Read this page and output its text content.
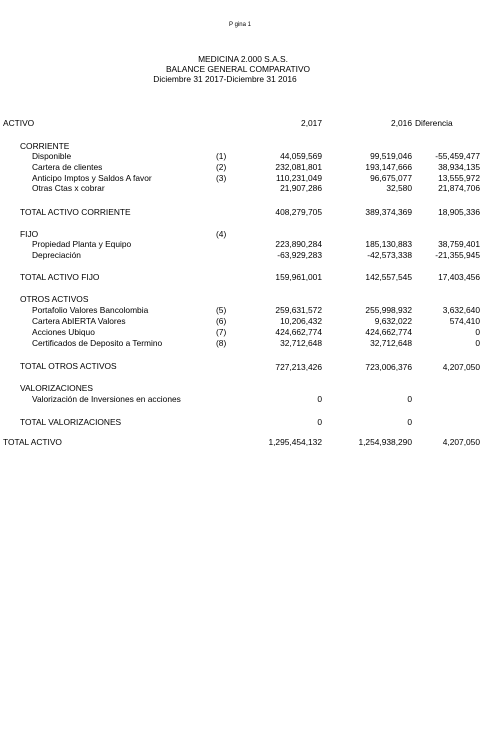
P gina 1
MEDICINA 2.000 S.A.S.
BALANCE GENERAL COMPARATIVO
Diciembre 31 2017-Diciembre 31 2016
ACTIVO	2,017	2,016 Diferencia
CORRIENTE
Disponible	(1)	44,059,569	99,519,046	-55,459,477
Cartera de clientes	(2)	232,081,801	193,147,666	38,934,135
Anticipo Imptos y Saldos A favor	(3)	110,231,049	96,675,077	13,555,972
Otras Ctas x cobrar	21,907,286	32,580	21,874,706
TOTAL ACTIVO CORRIENTE	408,279,705	389,374,369	18,905,336
FIJO	(4)
Propiedad Planta y Equipo	223,890,284	185,130,883	38,759,401
Depreciación	-63,929,283	-42,573,338	-21,355,945
TOTAL ACTIVO FIJO	159,961,001	142,557,545	17,403,456
OTROS ACTIVOS
Portafolio Valores Bancolombia	(5)	259,631,572	255,998,932	3,632,640
Cartera AbIERTA Valores	(6)	10,206,432	9,632,022	574,410
Acciones Ubiquo	(7)	424,662,774	424,662,774	0
Certificados de Deposito a Termino	(8)	32,712,648	32,712,648	0
TOTAL OTROS ACTIVOS	727,213,426	723,006,376	4,207,050
VALORIZACIONES
Valorización de Inversiones en acciones	0	0
TOTAL VALORIZACIONES	0	0
TOTAL ACTIVO	1,295,454,132	1,254,938,290	4,207,050
